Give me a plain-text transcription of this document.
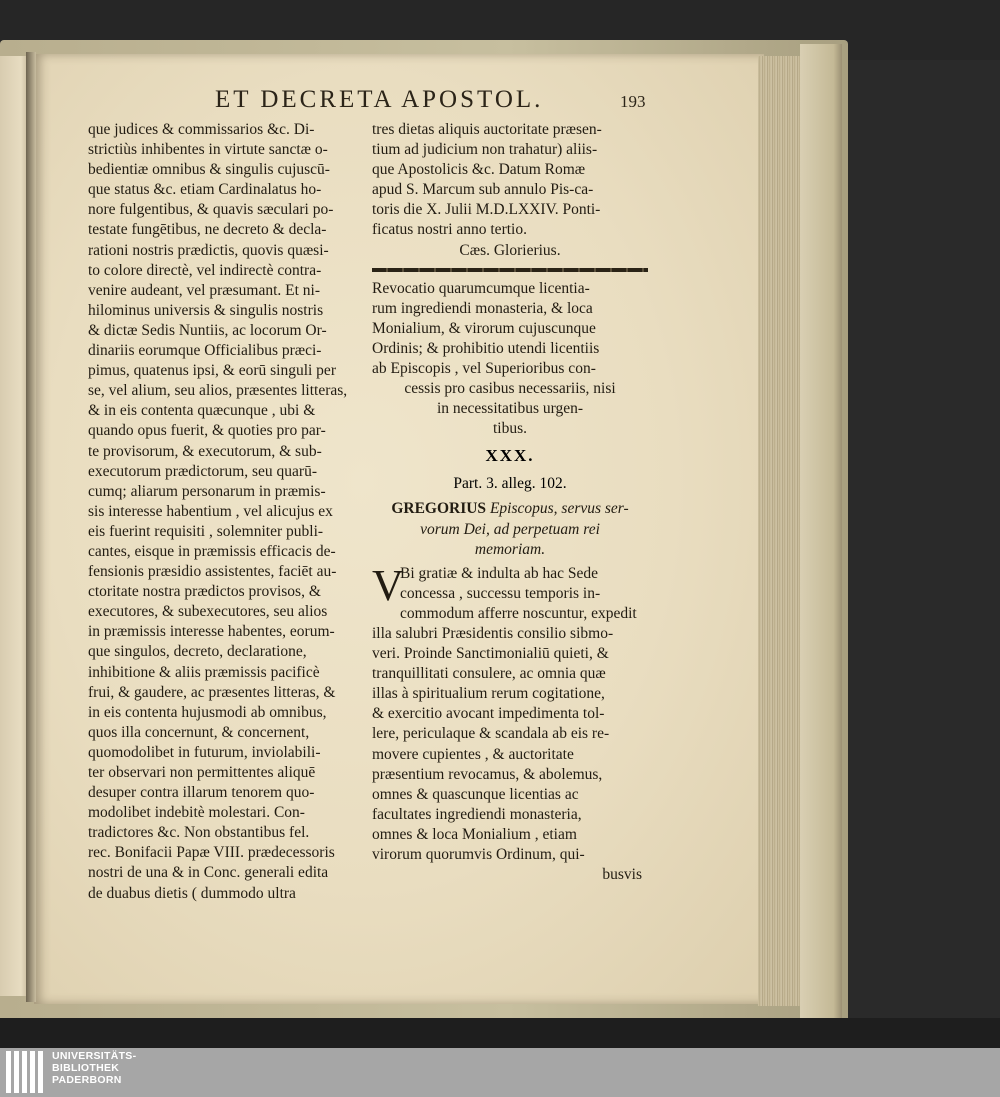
ET DECRETA APOSTOL.	193
que judices & commissarios &c. Di-
strictiùs inhibentes in virtute sanctæ o-
bedientiæ omnibus & singulis cujuscū-
que status &c. etiam Cardinalatus ho-
nore fulgentibus, & quavis sæculari po-
testate fungētibus, ne decreto & decla-
rationi nostris prædictis, quovis quæsi-
to colore directè, vel indirectè contra-
venire audeant, vel præsumant. Et ni-
hilominus universis & singulis nostris
& dictæ Sedis Nuntiis, ac locorum Or-
dinariis eorumque Officialibus præci-
pimus, quatenus ipsi, & eorū singuli per
se, vel alium, seu alios, præsentes litteras,
& in eis contenta quæcunque , ubi &
quando opus fuerit, & quoties pro par-
te provisorum, & executorum, & sub-
executorum prædictorum, seu quarū-
cumq; aliarum personarum in præmis-
sis interesse habentium , vel alicujus ex
eis fuerint requisiti , solemniter publi-
cantes, eisque in præmissis efficacis de-
fensionis præsidio assistentes, faciēt au-
ctoritate nostra prædictos provisos, &
executores, & subexecutores, seu alios
in præmissis interesse habentes, eorum-
que singulos, decreto, declaratione,
inhibitione & aliis præmissis pacificè
frui, & gaudere, ac præsentes litteras, &
in eis contenta hujusmodi ab omnibus,
quos illa concernunt, & concernent,
quomodolibet in futurum, inviolabili-
ter observari non permittentes aliquē
desuper contra illarum tenorem quo-
modolibet indebitè molestari. Con-
tradictores &c. Non obstantibus fel.
rec. Bonifacii Papæ VIII. prædecessoris
nostri de una & in Conc. generali edita
de duabus dietis ( dummodo ultra
tres dietas aliquis auctoritate præsen-
tium ad judicium non trahatur) aliis-
que Apostolicis &c. Datum Romæ
apud S. Marcum sub annulo Pis-ca-
toris die X. Julii M.D.LXXIV. Ponti-
ficatus nostri anno tertio.
Cæs. Glorierius.
Revocatio quarumcumque licentia-
rum ingrediendi monasteria, & loca
Monialium, & virorum cujuscunque
Ordinis; & prohibitio utendi licentiis
ab Episcopis , vel Superioribus con-
cessis pro casibus necessariis, nisi
in necessitatibus urgen-
tibus.
XXX.
Part. 3. alleg. 102.
GREGORIUS Episcopus, servus ser-
vorum Dei, ad perpetuam rei
memoriam.
V
Bi gratiæ & indulta ab hac Sede
concessa , successu temporis in-
commodum afferre noscuntur, expedit
illa salubri Præsidentis consilio sibmo-
veri. Proinde Sanctimonialiū quieti, &
tranquillitati consulere, ac omnia quæ
illas à spiritualium rerum cogitatione,
& exercitio avocant impedimenta tol-
lere, periculaque & scandala ab eis re-
movere cupientes , & auctoritate
præsentium revocamus, & abolemus,
omnes & quascunque licentias ac
facultates ingrediendi monasteria,
omnes & loca Monialium , etiam
virorum quorumvis Ordinum, qui-
busvis
UNIVERSITÄTS-
BIBLIOTHEK
PADERBORN
